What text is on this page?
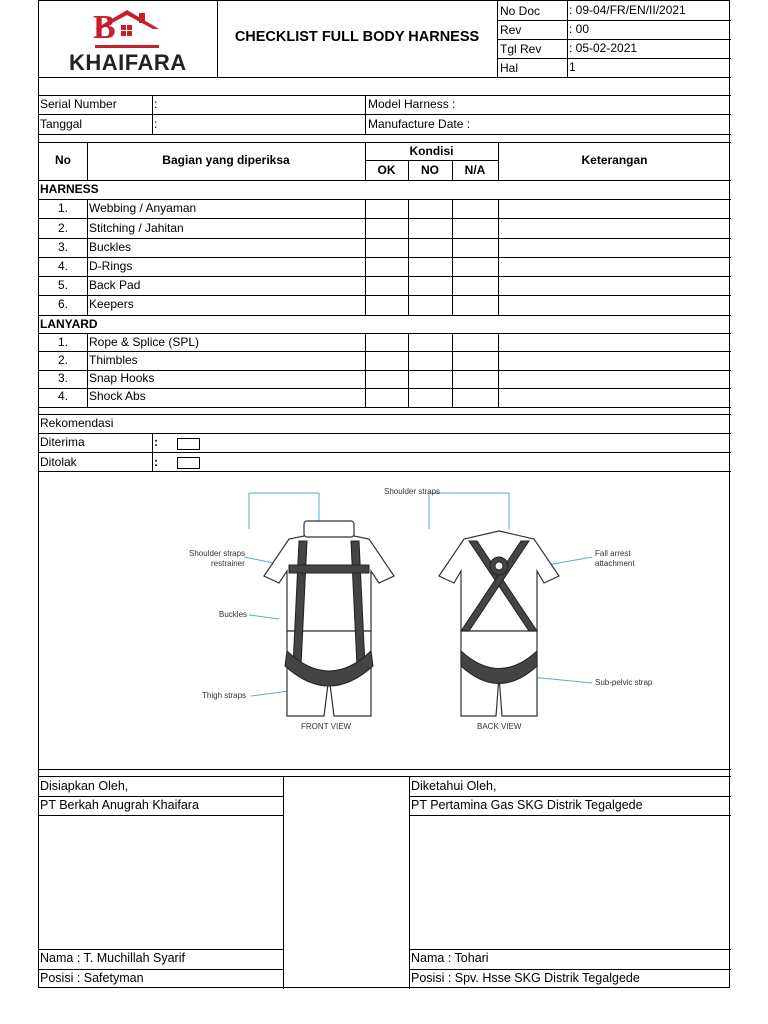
B
KHAIFARA
CHECKLIST FULL BODY HARNESS
No Doc : 09-04/FR/EN/II/2021
Rev	: 00
Tgl Rev : 05-02-2021
Hal	1
Serial Number	:	Model Harness :
Tanggal	:	Manufacture Date :
No	Bagian yang diperiksa
Kondisi
OK	NO	N/A
Keterangan
HARNESS
1.	Webbing / Anyaman
2.	Stitching / Jahitan
3.	Buckles
4.	D-Rings
5.	Back Pad
6.	Keepers
LANYARD
1.	Rope & Splice (SPL)
2.	Thimbles
3.	Snap Hooks
4.	Shock Abs
Rekomendasi
Diterima	:
Ditolak	:
Shoulder straps
Shoulder straps
restrainer
Buckles
Thigh straps
FRONT VIEW	BACK VIEW
Fall arrest
attachment
Sub-pelvic strap
Disiapkan Oleh,
PT Berkah Anugrah Khaifara
Nama : T. Muchillah Syarif
Posisi : Safetyman
Diketahui Oleh,
PT Pertamina Gas SKG Distrik Tegalgede
Nama : Tohari
Posisi : Spv. Hsse SKG Distrik Tegalgede
